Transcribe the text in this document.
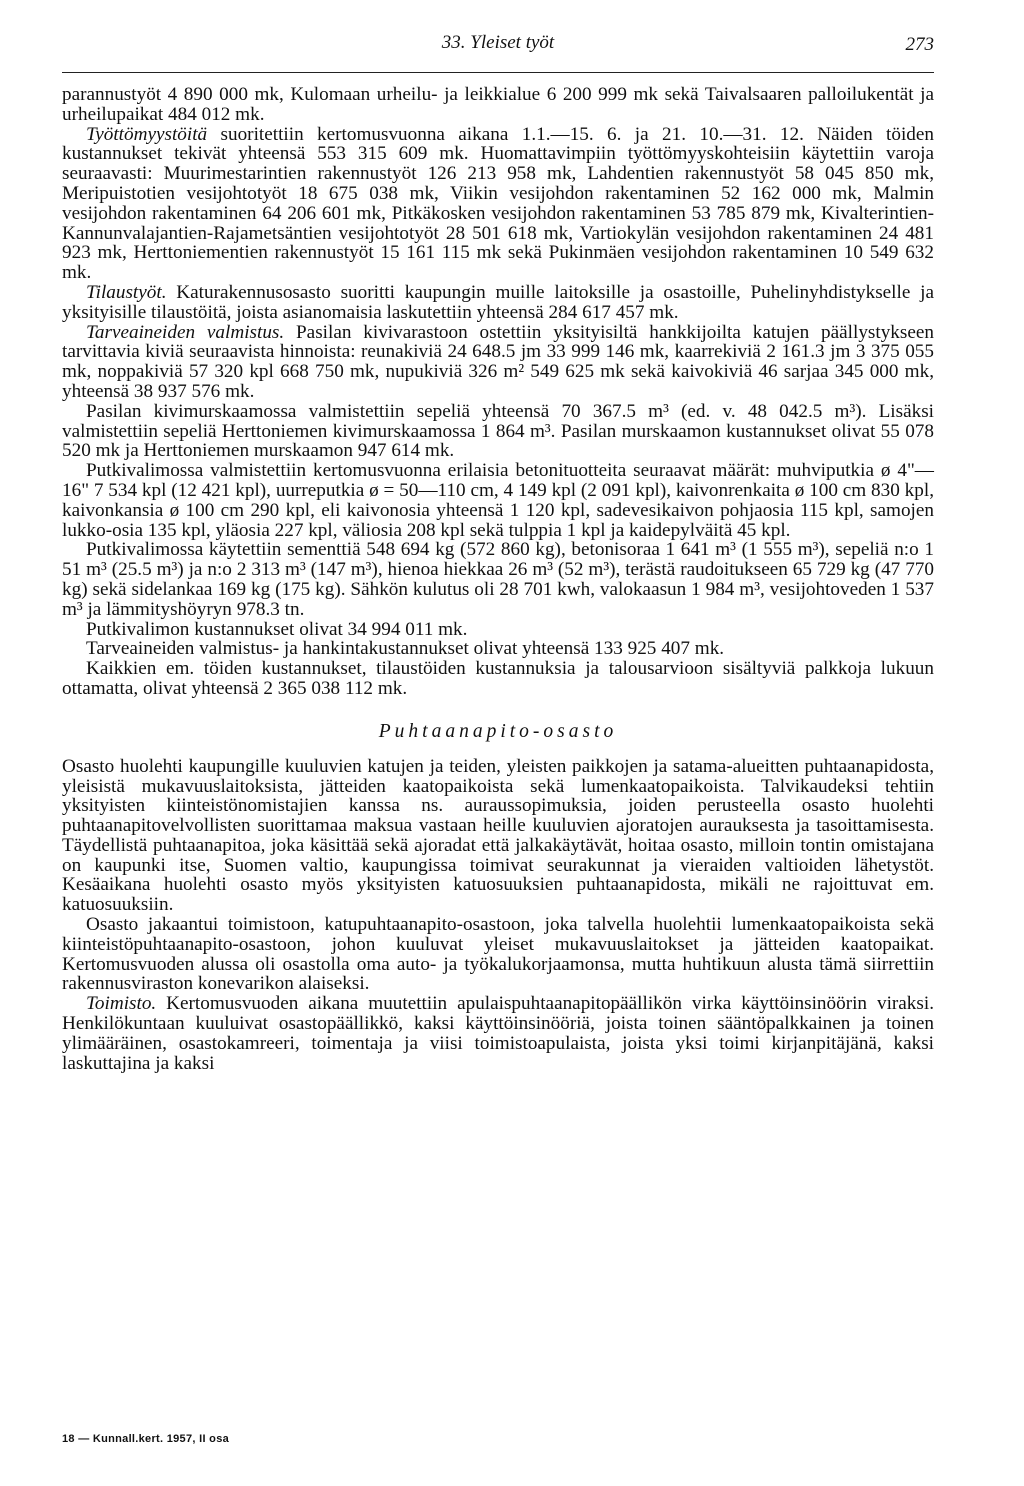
33. Yleiset työt	273

parannustyöt 4 890 000 mk, Kulomaan urheilu- ja leikkialue 6 200 999 mk sekä Taivalsaaren palloilukentät ja urheilupaikat 484 012 mk.

Työttömyystöitä suoritettiin kertomusvuonna aikana 1.1.—15. 6. ja 21. 10.—31. 12. Näiden töiden kustannukset tekivät yhteensä 553 315 609 mk. Huomattavimpiin työttömyyskohteisiin käytettiin varoja seuraavasti: Muurimestarintien rakennustyöt 126 213 958 mk, Lahdentien rakennustyöt 58 045 850 mk, Meripuistotien vesijohtotyöt 18 675 038 mk, Viikin vesijohdon rakentaminen 52 162 000 mk, Malmin vesijohdon rakentaminen 64 206 601 mk, Pitkäkosken vesijohdon rakentaminen 53 785 879 mk, Kivalterintien-Kannunvalajantien-Rajametsäntien vesijohtotyöt 28 501 618 mk, Vartiokylän vesijohdon rakentaminen 24 481 923 mk, Herttoniementien rakennustyöt 15 161 115 mk sekä Pukinmäen vesijohdon rakentaminen 10 549 632 mk.

Tilaustyöt. Katurakennusosasto suoritti kaupungin muille laitoksille ja osastoille, Puhelinyhdistykselle ja yksityisille tilaustöitä, joista asianomaisia laskutettiin yhteensä 284 617 457 mk.

Tarveaineiden valmistus. Pasilan kivivarastoon ostettiin yksityisiltä hankkijoilta katujen päällystykseen tarvittavia kiviä seuraavista hinnoista: reunakiviä 24 648.5 jm 33 999 146 mk, kaarrekiviä 2 161.3 jm 3 375 055 mk, noppakiviä 57 320 kpl 668 750 mk, nupukiviä 326 m² 549 625 mk sekä kaivokiviä 46 sarjaa 345 000 mk, yhteensä 38 937 576 mk.

Pasilan kivimurskaamossa valmistettiin sepeliä yhteensä 70 367.5 m³ (ed. v. 48 042.5 m³). Lisäksi valmistettiin sepeliä Herttoniemen kivimurskaamossa 1 864 m³. Pasilan murskaamon kustannukset olivat 55 078 520 mk ja Herttoniemen murskaamon 947 614 mk.

Putkivalimossa valmistettiin kertomusvuonna erilaisia betonituotteita seuraavat määrät: muhviputkia ø 4"—16" 7 534 kpl (12 421 kpl), uurreputkia ø = 50—110 cm, 4 149 kpl (2 091 kpl), kaivonrenkaita ø 100 cm 830 kpl, kaivonkansia ø 100 cm 290 kpl, eli kaivonosia yhteensä 1 120 kpl, sadevesikaivon pohjaosia 115 kpl, samojen lukko-osia 135 kpl, yläosia 227 kpl, väliosia 208 kpl sekä tulppia 1 kpl ja kaidepylväitä 45 kpl.

Putkivalimossa käytettiin sementtiä 548 694 kg (572 860 kg), betonisoraa 1 641 m³ (1 555 m³), sepeliä n:o 1 51 m³ (25.5 m³) ja n:o 2 313 m³ (147 m³), hienoa hiekkaa 26 m³ (52 m³), terästä raudoitukseen 65 729 kg (47 770 kg) sekä sidelankaa 169 kg (175 kg). Sähkön kulutus oli 28 701 kwh, valokaasun 1 984 m³, vesijohtoveden 1 537 m³ ja lämmityshöyryn 978.3 tn.

Putkivalimon kustannukset olivat 34 994 011 mk.

Tarveaineiden valmistus- ja hankintakustannukset olivat yhteensä 133 925 407 mk.

Kaikkien em. töiden kustannukset, tilaustöiden kustannuksia ja talousarvioon sisältyviä palkkoja lukuun ottamatta, olivat yhteensä 2 365 038 112 mk.

Puhtaanapito-osasto

Osasto huolehti kaupungille kuuluvien katujen ja teiden, yleisten paikkojen ja satama-alueitten puhtaanapidosta, yleisistä mukavuuslaitoksista, jätteiden kaatopaikoista sekä lumenkaatopaikoista. Talvikaudeksi tehtiin yksityisten kiinteistönomistajien kanssa ns. auraussopimuksia, joiden perusteella osasto huolehti puhtaanapitovelvollisten suorittamaa maksua vastaan heille kuuluvien ajoratojen aurauksesta ja tasoittamisesta. Täydellistä puhtaanapitoa, joka käsittää sekä ajoradat että jalkakäytävät, hoitaa osasto, milloin tontin omistajana on kaupunki itse, Suomen valtio, kaupungissa toimivat seurakunnat ja vieraiden valtioiden lähetystöt. Kesäaikana huolehti osasto myös yksityisten katuosuuksien puhtaanapidosta, mikäli ne rajoittuvat em. katuosuuksiin.

Osasto jakaantui toimistoon, katupuhtaanapito-osastoon, joka talvella huolehtii lumenkaatopaikoista sekä kiinteistöpuhtaanapito-osastoon, johon kuuluvat yleiset mukavuuslaitokset ja jätteiden kaatopaikat. Kertomusvuoden alussa oli osastolla oma auto- ja työkalukorjaamonsa, mutta huhtikuun alusta tämä siirrettiin rakennusviraston konevarikon alaiseksi.

Toimisto. Kertomusvuoden aikana muutettiin apulaispuhtaanapitopäällikön virka käyttöinsinöörin viraksi. Henkilökuntaan kuuluivat osastopäällikkö, kaksi käyttöinsinööriä, joista toinen sääntöpalkkainen ja toinen ylimääräinen, osastokamreeri, toimentaja ja viisi toimistoapulaista, joista yksi toimi kirjanpitäjänä, kaksi laskuttajina ja kaksi

18 — Kunnall.kert. 1957, II osa
